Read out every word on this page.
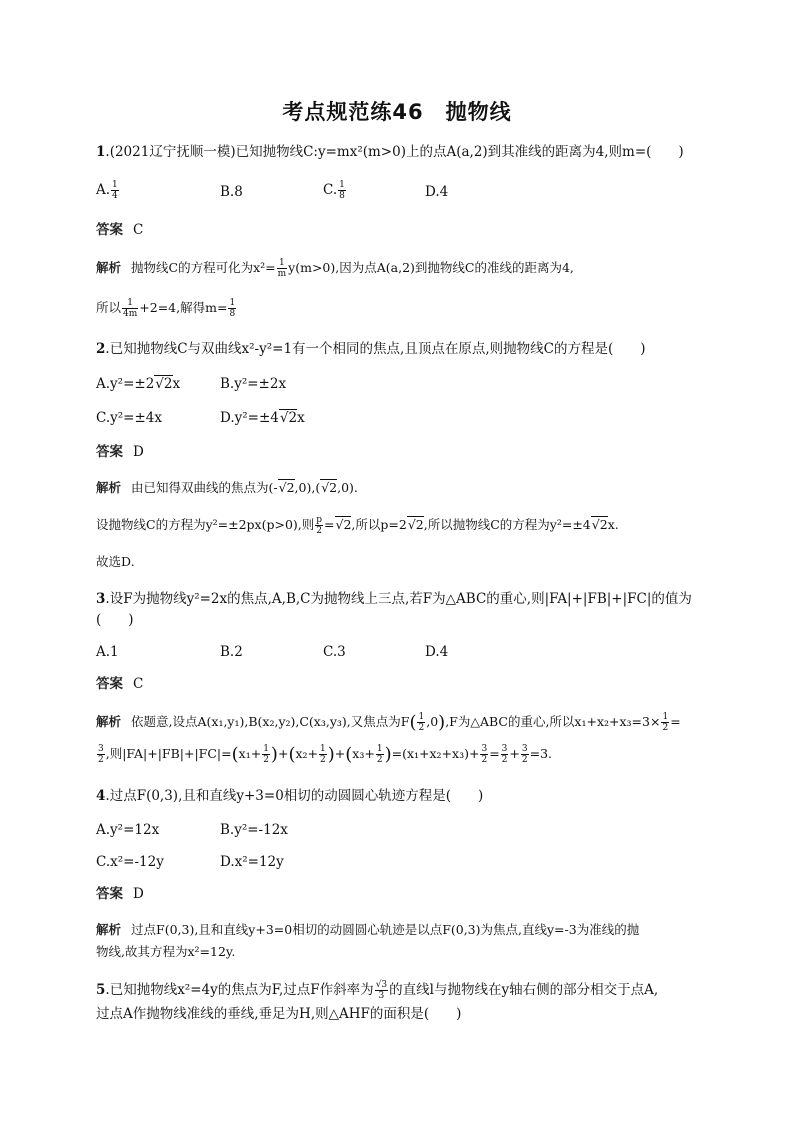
考点规范练46　抛物线
1.(2021辽宁抚顺一模)已知抛物线C:y=mx²(m>0)上的点A(a,2)到其准线的距离为4,则m=(　　)
A. $\frac{1}{4}$	B.8	C. $\frac{1}{8}$	D.4
答案 C
解析 抛物线C的方程可化为$x^2= \frac{1}{m} y(m>0)$,因为点A(a,2)到抛物线C的准线的距离为4,
所以 $\frac{1}{4m} +2=4$,解得$m= \frac{1}{8}$
2.已知抛物线C与双曲线x²-y²=1有一个相同的焦点,且顶点在原点,则抛物线C的方程是(　　)
A.y²=±2√2x	B.y²=±2x
C.y²=±4x	D.y²=±4√2x
答案 D
解析 由已知得双曲线的焦点为(-√2,0),(√2,0).
设抛物线C的方程为y²=±2px(p>0),则 $\frac{p}{2} =√2$,所以p=2√2,所以抛物线C的方程为y²=±4√2x.
故选D.
3.设F为抛物线y²=2x的焦点,A,B,C为抛物线上三点,若F为△ABC的重心,则|FA|+|FB|+|FC|的值为
(　　)
A.1	B.2	C.3	D.4
答案 C
解析 依题意,设点A(x₁,y₁),B(x₂,y₂),C(x₃,y₃),又焦点为$F( \frac{1}{2} ,0),F$为△ABC的重心,所以$x_1+x_2+x_3=3\times \frac{1}{2}$ =
$\frac{3}{2}$ ,则$|FA|+|FB|+|FC|=(x_1+ \frac{1}{2} )+(x_2+ \frac{1}{2} )+(x_3+ \frac{1}{2} )=(x_1+x_2+x_3)+ \frac{3}{2} = \frac{3}{2} + \frac{3}{2} =3$.
4.过点F(0,3),且和直线y+3=0相切的动圆圆心轨迹方程是(　　)
A.y²=12x	B.y²=-12x
C.x²=-12y	D.x²=12y
答案 D
解析 过点F(0,3),且和直线y+3=0相切的动圆圆心轨迹是以点F(0,3)为焦点,直线y=-3为准线的抛
物线,故其方程为x²=12y.
5.已知抛物线x²=4y的焦点为F,过点F作斜率为 $\frac{√3}{3}$ 的直线l与抛物线在y轴右侧的部分相交于点A,
过点A作抛物线准线的垂线,垂足为H,则△AHF的面积是(　　)
